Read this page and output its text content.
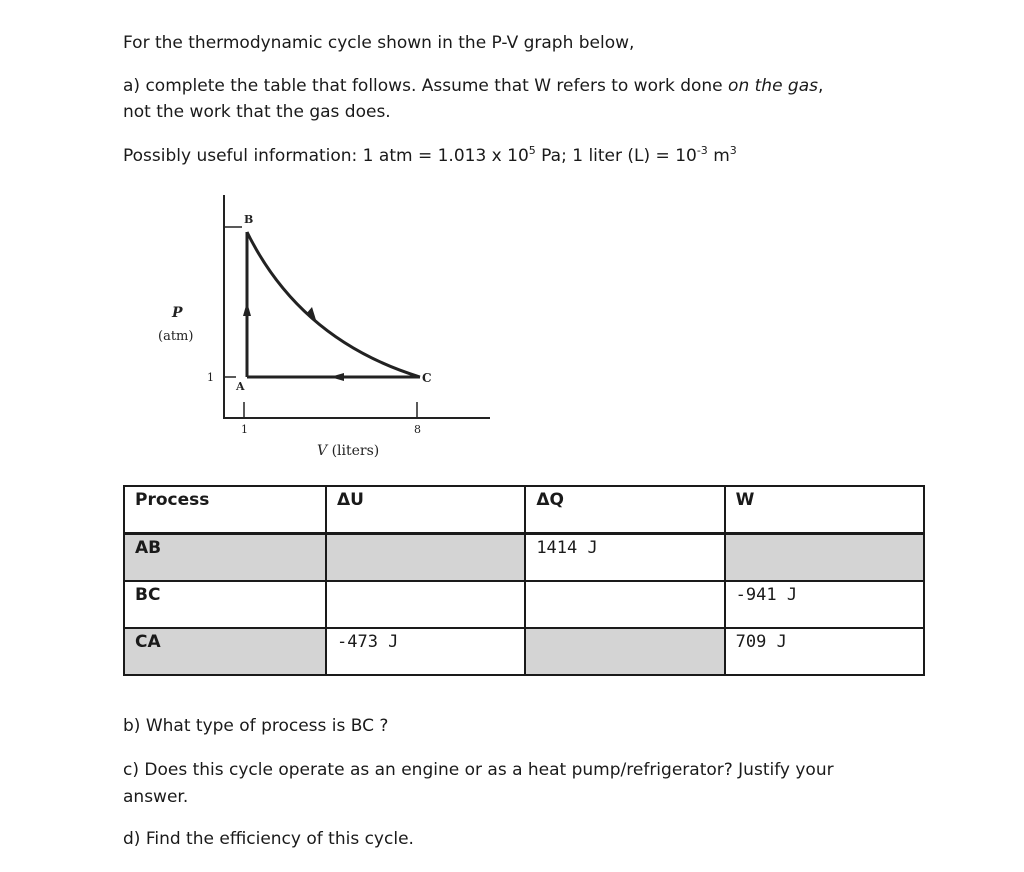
For the thermodynamic cycle shown in the P-V graph below,
a) complete the table that follows. Assume that W refers to work done on the gas,
not the work that the gas does.
Possibly useful information: 1 atm = 1.013 x $10^5$ Pa; 1 liter $(L) = 10^{-3}$ $m^3$
B
A
C
P
(atm)
1
1	8
V (liters)
Process	ΔU	ΔQ	W
AB		1414 J	
BC			-941 J
CA	-473 J		709 J
b) What type of process is BC ?
c) Does this cycle operate as an engine or as a heat pump/refrigerator? Justify your
answer.
d) Find the efficiency of this cycle.
